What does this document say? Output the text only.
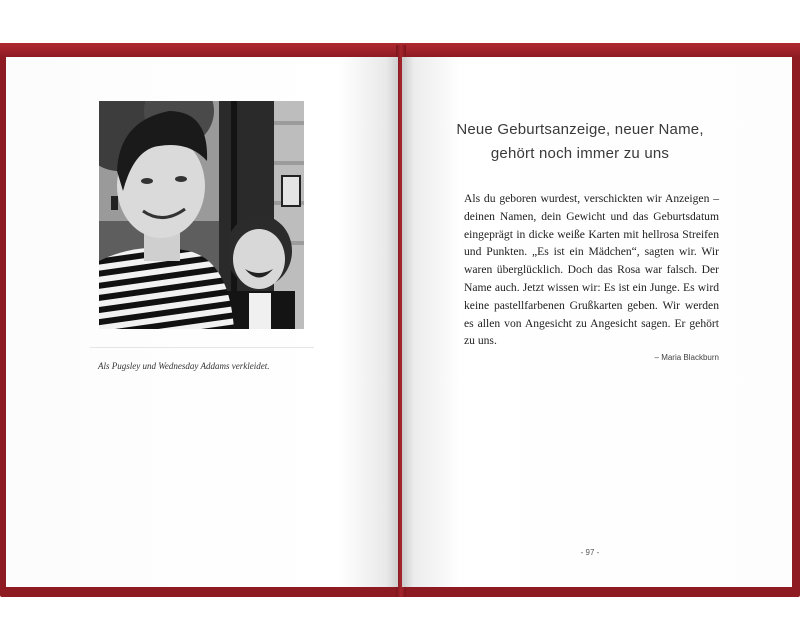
Als Pugsley und Wednesday Addams verkleidet.
Neue Geburtsanzeige, neuer Name,
gehört noch immer zu uns
Als du geboren wurdest, verschickten wir Anzeigen – deinen Namen, dein Gewicht und das Geburtsdatum eingeprägt in dicke weiße Karten mit hellrosa Streifen und Punkten. „Es ist ein Mädchen“, sagten wir. Wir waren überglücklich. Doch das Rosa war falsch. Der Name auch. Jetzt wissen wir: Es ist ein Junge. Es wird keine pastellfarbenen Grußkarten geben. Wir werden es allen von Angesicht zu Angesicht sagen. Er gehört zu uns.
– Maria Blackburn
- 97 -
